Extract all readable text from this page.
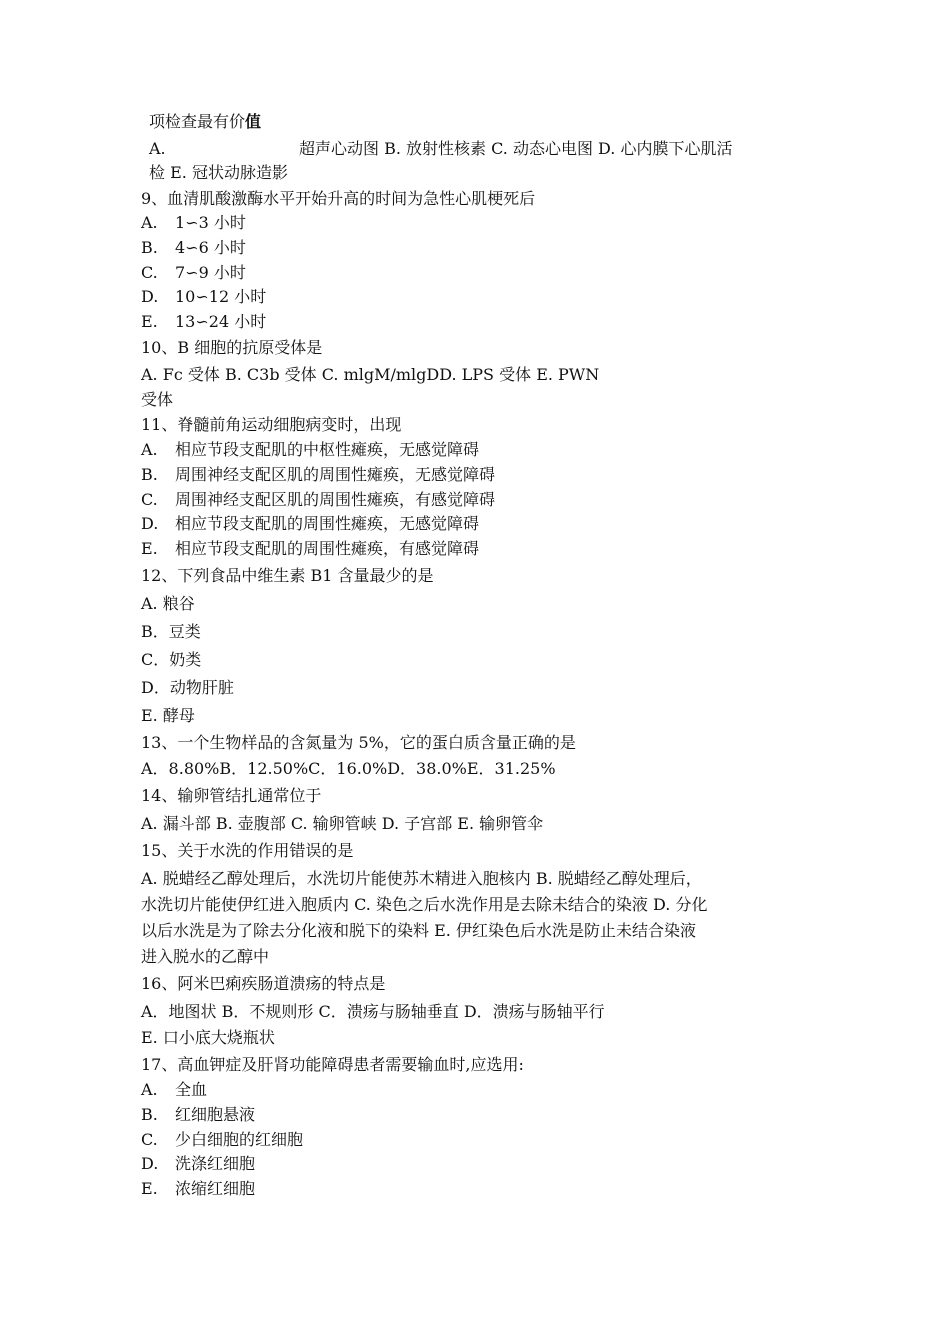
项检查最有价值

A.	超声心动图 B. 放射性核素 C. 动态心电图 D. 心内膜下心肌活

检 E. 冠状动脉造影

9、血清肌酸激酶水平开始升高的时间为急性心肌梗死后

A.	1∽3 小时
B.	4∽6 小时
C.	7∽9 小时
D.	10∽12 小时
E.	13∽24 小时

10、B 细胞的抗原受体是

A. Fc 受体 B. C3b 受体 C. mlgM/mlgDD. LPS 受体 E. PWN

受体

11、脊髓前角运动细胞病变时，出现

A.	相应节段支配肌的中枢性瘫痪，无感觉障碍
B.	周围神经支配区肌的周围性瘫痪，无感觉障碍
C.	周围神经支配区肌的周围性瘫痪，有感觉障碍
D.	相应节段支配肌的周围性瘫痪，无感觉障碍
E.	相应节段支配肌的周围性瘫痪，有感觉障碍

12、下列食品中维生素 B1 含量最少的是

A. 粮谷

B．豆类

C．奶类

D．动物肝脏

E. 酵母

13、一个生物样品的含氮量为 5%，它的蛋白质含量正确的是

A．8.80%B．12.50%C．16.0%D．38.0%E．31.25%

14、输卵管结扎通常位于

A. 漏斗部 B. 壶腹部 C. 输卵管峡 D. 子宫部 E. 输卵管伞

15、关于水洗的作用错误的是

A. 脱蜡经乙醇处理后，水洗切片能使苏木精进入胞核内 B. 脱蜡经乙醇处理后，

水洗切片能使伊红进入胞质内 C. 染色之后水洗作用是去除未结合的染液 D. 分化

以后水洗是为了除去分化液和脱下的染料 E. 伊红染色后水洗是防止未结合染液

进入脱水的乙醇中

16、阿米巴痢疾肠道溃疡的特点是

A．地图状 B．不规则形 C．溃疡与肠轴垂直 D．溃疡与肠轴平行

E. 口小底大烧瓶状

17、高血钾症及肝肾功能障碍患者需要输血时,应选用:

A.	全血
B.	红细胞悬液
C.	少白细胞的红细胞
D.	洗涤红细胞
E.	浓缩红细胞
